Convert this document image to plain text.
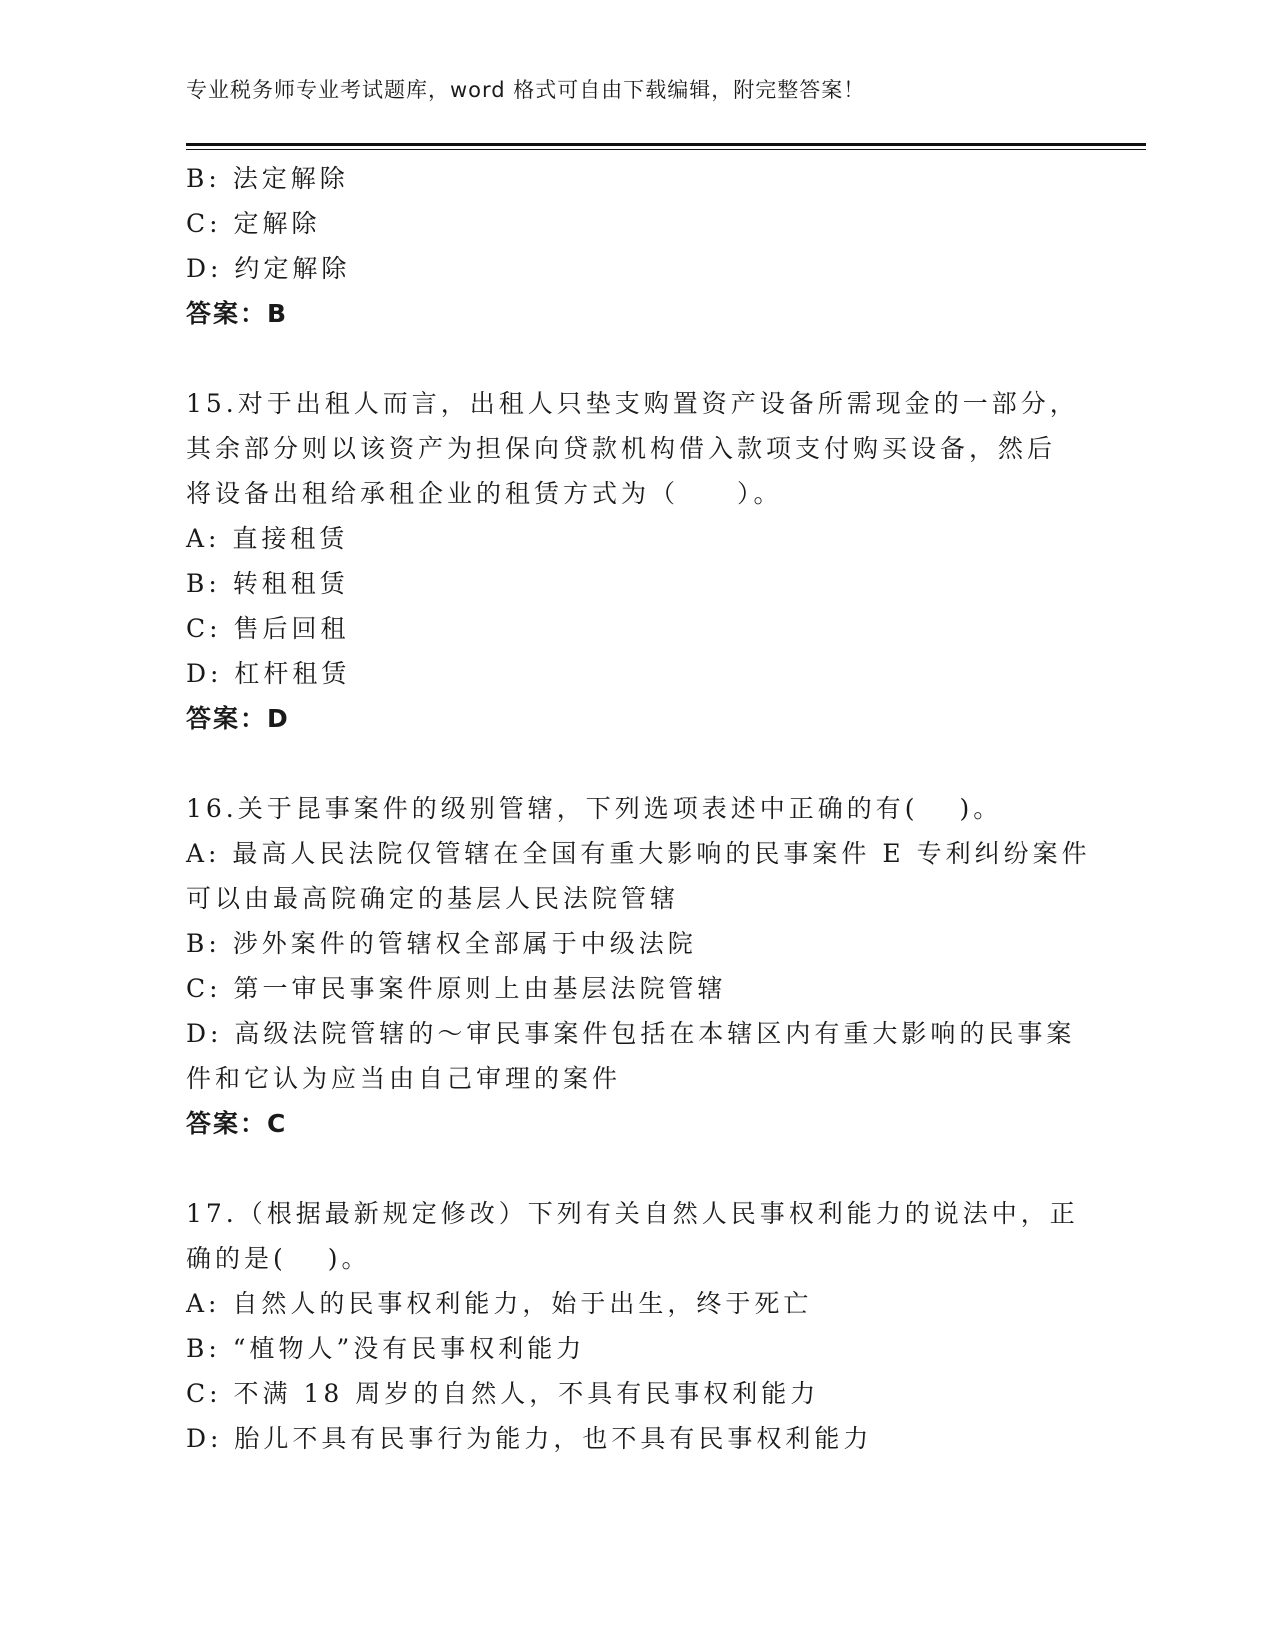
专业税务师专业考试题库，word 格式可自由下载编辑，附完整答案！
B: 法定解除
C: 定解除
D: 约定解除
答案：B
15.对于出租人而言，出租人只垫支购置资产设备所需现金的一部分，
其余部分则以该资产为担保向贷款机构借入款项支付购买设备，然后
将设备出租给承租企业的租赁方式为（　　）。
A: 直接租赁
B: 转租租赁
C: 售后回租
D: 杠杆租赁
答案：D
16.关于昆事案件的级别管辖，下列选项表述中正确的有(　 )。
A: 最高人民法院仅管辖在全国有重大影响的民事案件 E 专利纠纷案件
可以由最高院确定的基层人民法院管辖
B: 涉外案件的管辖权全部属于中级法院
C: 第一审民事案件原则上由基层法院管辖
D: 高级法院管辖的～审民事案件包括在本辖区内有重大影响的民事案
件和它认为应当由自己审理的案件
答案：C
17.（根据最新规定修改）下列有关自然人民事权利能力的说法中，正
确的是(　 )。
A: 自然人的民事权利能力，始于出生，终于死亡
B: “植物人”没有民事权利能力
C: 不满 18 周岁的自然人，不具有民事权利能力
D: 胎儿不具有民事行为能力，也不具有民事权利能力
